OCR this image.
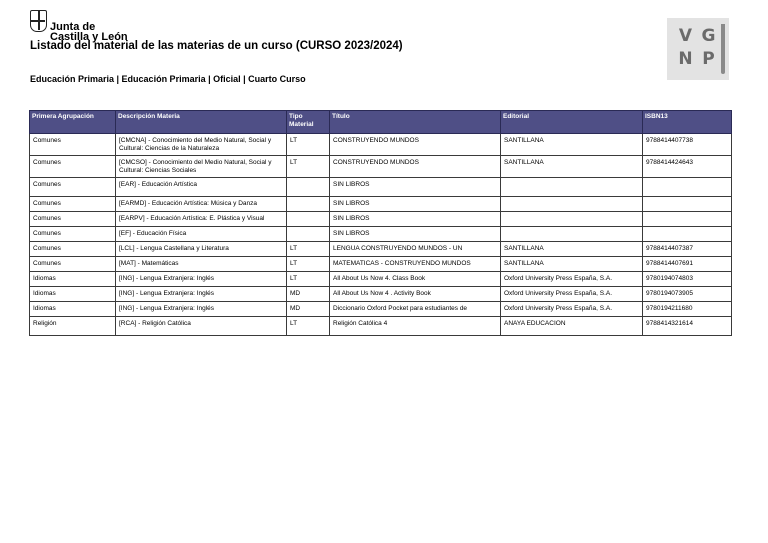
Junta de
Castilla y León
Listado del material de las materias de un curso (CURSO 2023/2024)
Educación Primaria | Educación Primaria | Oficial | Cuarto Curso
V G
N P
Primera Agrupación	Descripción Materia	Tipo Material	Título	Editorial	ISBN13
Comunes	[CMCNA] - Conocimiento del Medio Natural, Social y Cultural: Ciencias de la Naturaleza	LT	CONSTRUYENDO MUNDOS	SANTILLANA	9788414407738
Comunes	[CMCSO] - Conocimiento del Medio Natural, Social y Cultural: Ciencias Sociales	LT	CONSTRUYENDO MUNDOS	SANTILLANA	9788414424643
Comunes	[EAR] - Educación Artística		SIN LIBROS		
Comunes	[EARMD] - Educación Artística: Música y Danza		SIN LIBROS		
Comunes	[EARPV] - Educación Artística: E. Plástica y Visual		SIN LIBROS		
Comunes	[EF] - Educación Física		SIN LIBROS		
Comunes	[LCL] - Lengua Castellana y Literatura	LT	LENGUA CONSTRUYENDO MUNDOS - UN	SANTILLANA	9788414407387
Comunes	[MAT] - Matemáticas	LT	MATEMATICAS - CONSTRUYENDO MUNDOS	SANTILLANA	9788414407691
Idiomas	[ING] - Lengua Extranjera: Inglés	LT	All About Us Now 4. Class Book	Oxford University Press España, S.A.	9780194074803
Idiomas	[ING] - Lengua Extranjera: Inglés	MD	All About Us Now 4 . Activity Book	Oxford University Press España, S.A.	9780194073905
Idiomas	[ING] - Lengua Extranjera: Inglés	MD	Diccionario Oxford Pocket para estudiantes de	Oxford University Press España, S.A.	9780194211680
Religión	[RCA] - Religión Católica	LT	Religión Católica 4	ANAYA EDUCACION	9788414321614
